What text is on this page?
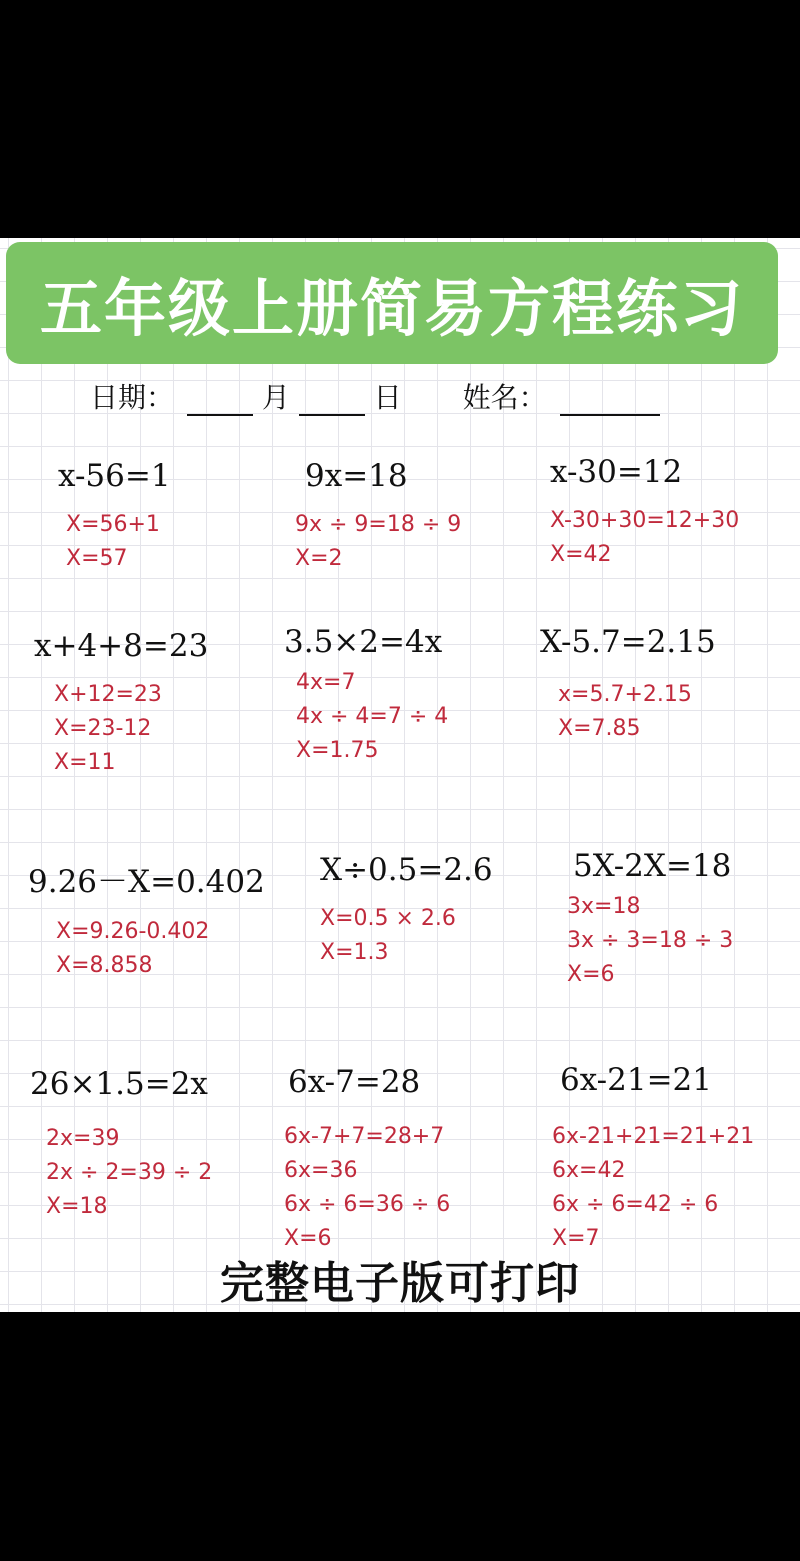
五年级上册简易方程练习
日期：	月	日 姓名：
x-56=1
X=56+1
X=57
9x=18
9x ÷ 9=18 ÷ 9
X=2
x-30=12
X-30+30=12+30
X=42
x+4+8=23
X+12=23
X=23-12
X=11
3.5×2=4x
4x=7
4x ÷ 4=7 ÷ 4
X=1.75
X-5.7=2.15
x=5.7+2.15
X=7.85
9.26－X=0.402
X=9.26-0.402
X=8.858
X÷0.5=2.6
X=0.5 × 2.6
X=1.3
5X-2X=18
3x=18
3x ÷ 3=18 ÷ 3
X=6
26×1.5=2x
2x=39
2x ÷ 2=39 ÷ 2
X=18
6x-7=28
6x-7+7=28+7
6x=36
6x ÷ 6=36 ÷ 6
X=6
6x-21=21
6x-21+21=21+21
6x=42
6x ÷ 6=42 ÷ 6
X=7
完整电子版可打印
